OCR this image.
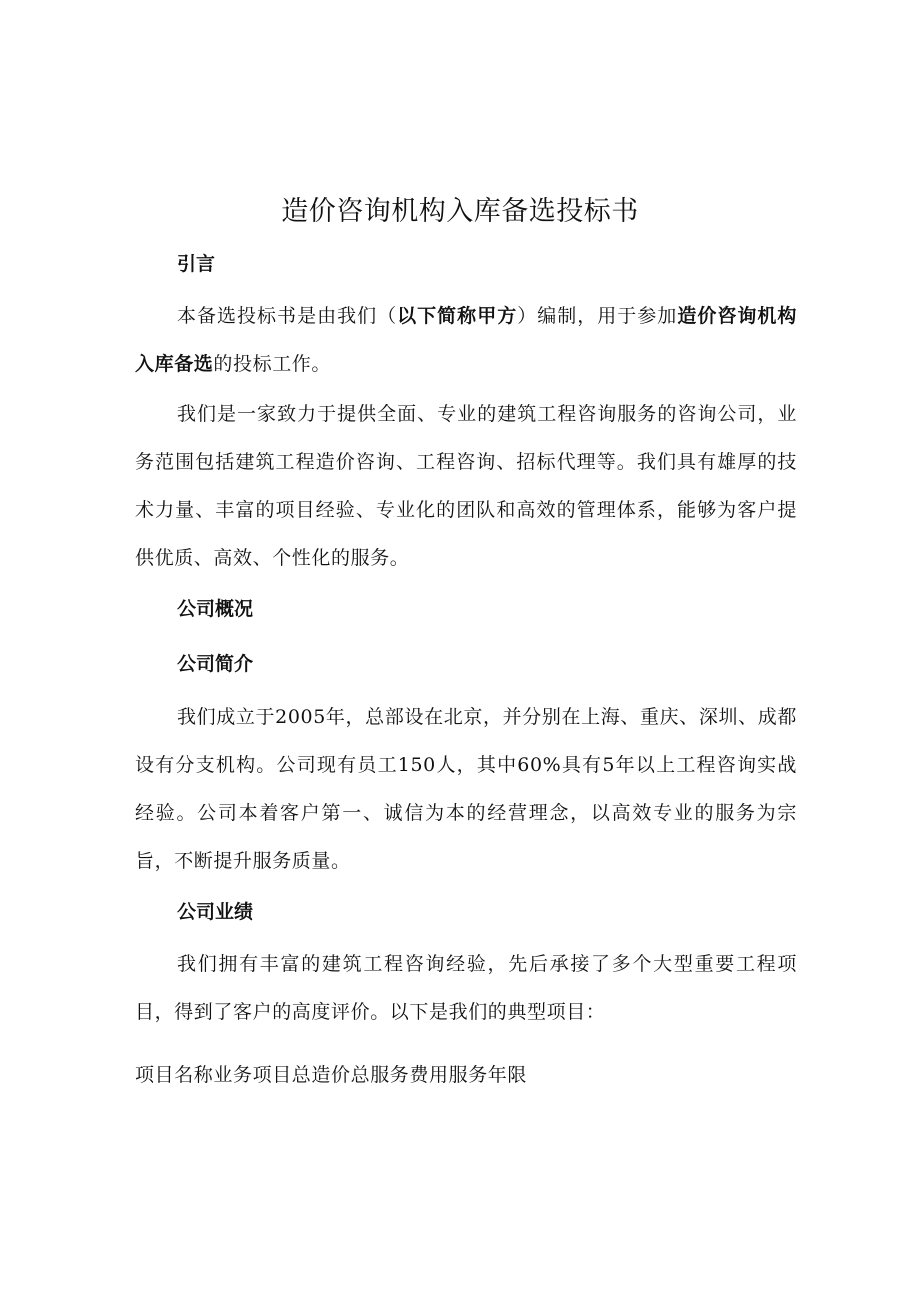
造价咨询机构入库备选投标书
引言

本备选投标书是由我们（以下简称甲方）编制，用于参加造价咨询机构入库备选的投标工作。

我们是一家致力于提供全面、专业的建筑工程咨询服务的咨询公司，业务范围包括建筑工程造价咨询、工程咨询、招标代理等。我们具有雄厚的技术力量、丰富的项目经验、专业化的团队和高效的管理体系，能够为客户提供优质、高效、个性化的服务。

公司概况
公司简介

我们成立于2005年，总部设在北京，并分别在上海、重庆、深圳、成都设有分支机构。公司现有员工150人，其中60%具有5年以上工程咨询实战经验。公司本着客户第一、诚信为本的经营理念，以高效专业的服务为宗旨，不断提升服务质量。

公司业绩

我们拥有丰富的建筑工程咨询经验，先后承接了多个大型重要工程项目，得到了客户的高度评价。以下是我们的典型项目：

项目名称业务项目总造价总服务费用服务年限
